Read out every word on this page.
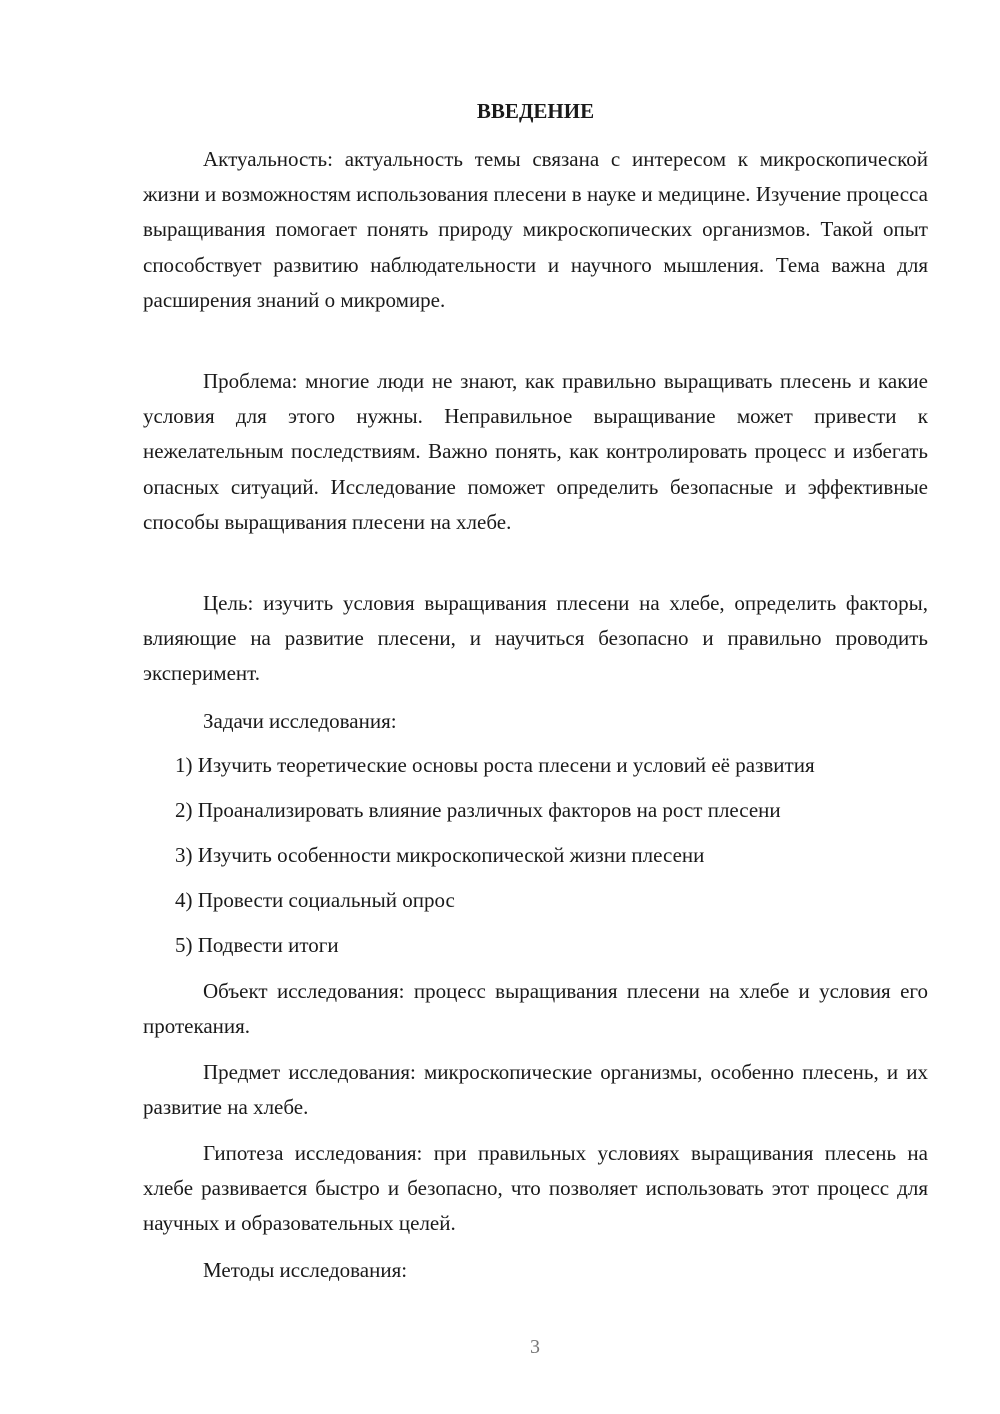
ВВЕДЕНИЕ

Актуальность: актуальность темы связана с интересом к микроскопической жизни и возможностям использования плесени в науке и медицине. Изучение процесса выращивания помогает понять природу микроскопических организмов. Такой опыт способствует развитию наблюдательности и научного мышления. Тема важна для расширения знаний о микромире.

Проблема: многие люди не знают, как правильно выращивать плесень и какие условия для этого нужны. Неправильное выращивание может привести к нежелательным последствиям. Важно понять, как контролировать процесс и избегать опасных ситуаций. Исследование поможет определить безопасные и эффективные способы выращивания плесени на хлебе.

Цель: изучить условия выращивания плесени на хлебе, определить факторы, влияющие на развитие плесени, и научиться безопасно и правильно проводить эксперимент.

Задачи исследования:

1) Изучить теоретические основы роста плесени и условий её развития

2) Проанализировать влияние различных факторов на рост плесени

3) Изучить особенности микроскопической жизни плесени

4) Провести социальный опрос

5) Подвести итоги

Объект исследования: процесс выращивания плесени на хлебе и условия его протекания.

Предмет исследования: микроскопические организмы, особенно плесень, и их развитие на хлебе.

Гипотеза исследования: при правильных условиях выращивания плесень на хлебе развивается быстро и безопасно, что позволяет использовать этот процесс для научных и образовательных целей.

Методы исследования:

3
